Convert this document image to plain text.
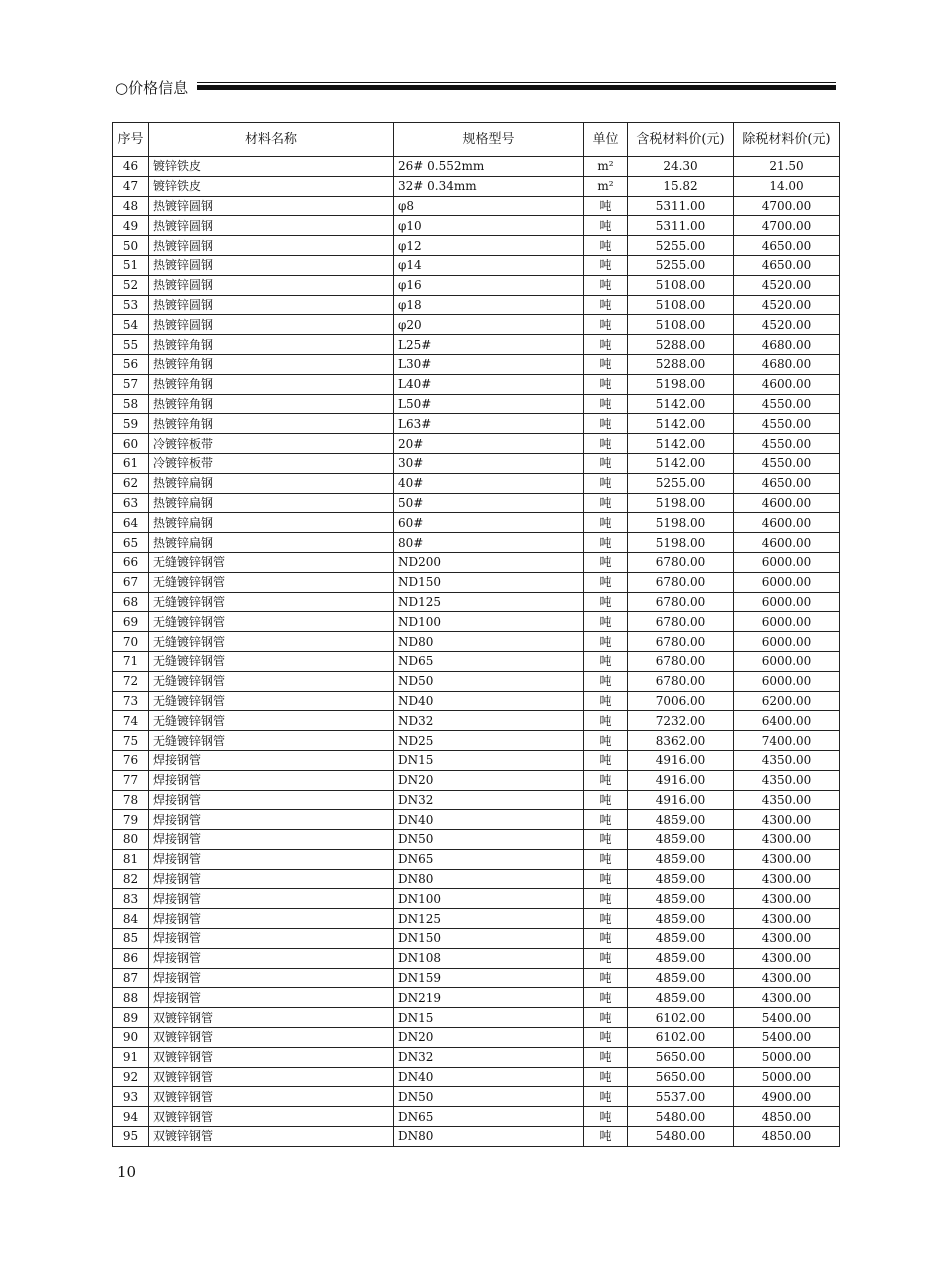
○价格信息
序号	材料名称	规格型号	单位	含税材料价(元)	除税材料价(元)
46	镀锌铁皮	26# 0.552mm	m²	24.30	21.50
47	镀锌铁皮	32# 0.34mm	m²	15.82	14.00
48	热镀锌圆钢	φ8	吨	5311.00	4700.00
49	热镀锌圆钢	φ10	吨	5311.00	4700.00
50	热镀锌圆钢	φ12	吨	5255.00	4650.00
51	热镀锌圆钢	φ14	吨	5255.00	4650.00
52	热镀锌圆钢	φ16	吨	5108.00	4520.00
53	热镀锌圆钢	φ18	吨	5108.00	4520.00
54	热镀锌圆钢	φ20	吨	5108.00	4520.00
55	热镀锌角钢	L25#	吨	5288.00	4680.00
56	热镀锌角钢	L30#	吨	5288.00	4680.00
57	热镀锌角钢	L40#	吨	5198.00	4600.00
58	热镀锌角钢	L50#	吨	5142.00	4550.00
59	热镀锌角钢	L63#	吨	5142.00	4550.00
60	冷镀锌板带	20#	吨	5142.00	4550.00
61	冷镀锌板带	30#	吨	5142.00	4550.00
62	热镀锌扁钢	40#	吨	5255.00	4650.00
63	热镀锌扁钢	50#	吨	5198.00	4600.00
64	热镀锌扁钢	60#	吨	5198.00	4600.00
65	热镀锌扁钢	80#	吨	5198.00	4600.00
66	无缝镀锌钢管	ND200	吨	6780.00	6000.00
67	无缝镀锌钢管	ND150	吨	6780.00	6000.00
68	无缝镀锌钢管	ND125	吨	6780.00	6000.00
69	无缝镀锌钢管	ND100	吨	6780.00	6000.00
70	无缝镀锌钢管	ND80	吨	6780.00	6000.00
71	无缝镀锌钢管	ND65	吨	6780.00	6000.00
72	无缝镀锌钢管	ND50	吨	6780.00	6000.00
73	无缝镀锌钢管	ND40	吨	7006.00	6200.00
74	无缝镀锌钢管	ND32	吨	7232.00	6400.00
75	无缝镀锌钢管	ND25	吨	8362.00	7400.00
76	焊接钢管	DN15	吨	4916.00	4350.00
77	焊接钢管	DN20	吨	4916.00	4350.00
78	焊接钢管	DN32	吨	4916.00	4350.00
79	焊接钢管	DN40	吨	4859.00	4300.00
80	焊接钢管	DN50	吨	4859.00	4300.00
81	焊接钢管	DN65	吨	4859.00	4300.00
82	焊接钢管	DN80	吨	4859.00	4300.00
83	焊接钢管	DN100	吨	4859.00	4300.00
84	焊接钢管	DN125	吨	4859.00	4300.00
85	焊接钢管	DN150	吨	4859.00	4300.00
86	焊接钢管	DN108	吨	4859.00	4300.00
87	焊接钢管	DN159	吨	4859.00	4300.00
88	焊接钢管	DN219	吨	4859.00	4300.00
89	双镀锌钢管	DN15	吨	6102.00	5400.00
90	双镀锌钢管	DN20	吨	6102.00	5400.00
91	双镀锌钢管	DN32	吨	5650.00	5000.00
92	双镀锌钢管	DN40	吨	5650.00	5000.00
93	双镀锌钢管	DN50	吨	5537.00	4900.00
94	双镀锌钢管	DN65	吨	5480.00	4850.00
95	双镀锌钢管	DN80	吨	5480.00	4850.00
10
